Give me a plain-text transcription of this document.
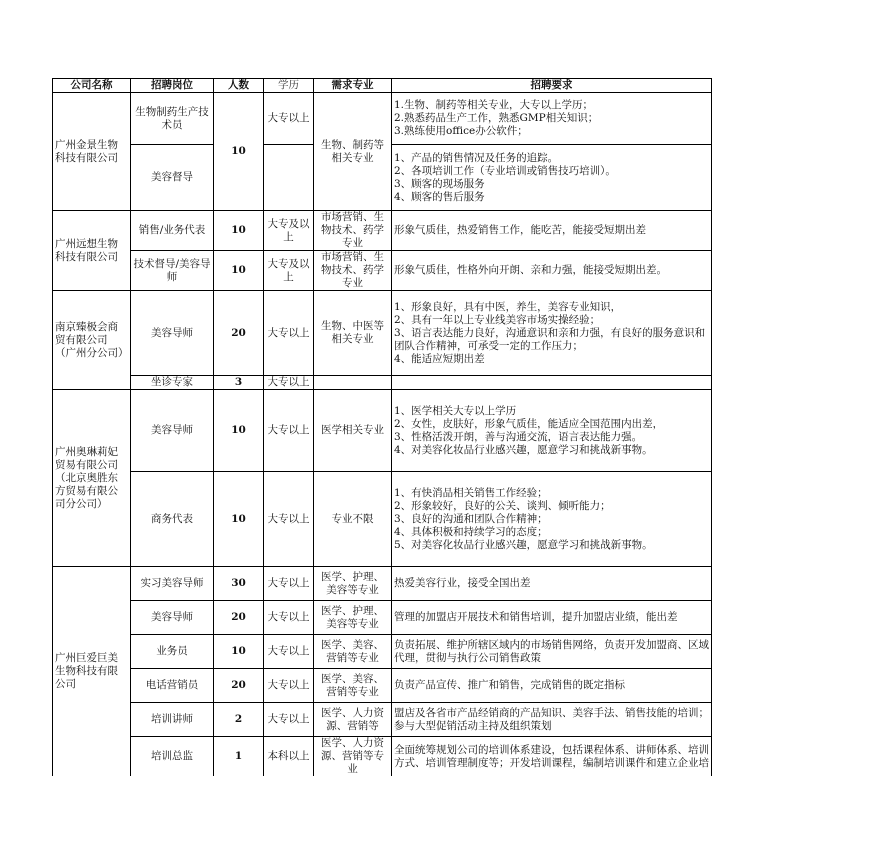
公司名称	招聘岗位	人数	学历	需求专业	招聘要求
广州金景生物科技有限公司	生物制药生产技术员	10	大专以上	生物、制药等相关专业	1.生物、制药等相关专业，大专以上学历；
2.熟悉药品生产工作，熟悉GMP相关知识；
3.熟练使用office办公软件；

	美容督导				1、产品的销售情况及任务的追踪。
2、各项培训工作（专业培训或销售技巧培训）。
3、顾客的现场服务
4、顾客的售后服务

广州远想生物科技有限公司	销售/业务代表	10	大专及以上	市场营销、生物技术、药学专业	形象气质佳，热爱销售工作，能吃苦，能接受短期出差
	技术督导/美容导师	10	大专及以上	市场营销、生物技术、药学专业	形象气质佳，性格外向开朗、亲和力强，能接受短期出差。
南京臻极会商贸有限公司（广州分公司）	美容导师	20	大专以上	生物、中医等相关专业	1、形象良好，具有中医，养生，美容专业知识，
2、具有一年以上专业线美容市场实操经验；
3、语言表达能力良好，沟通意识和亲和力强，有良好的服务意识和团队合作精神，可承受一定的工作压力；
4、能适应短期出差

	坐诊专家	3	大专以上		
广州奥琳莉妃贸易有限公司（北京奥胜东方贸易有限公司分公司）	美容导师	10	大专以上	医学相关专业	1、医学相关大专以上学历
2、女性，皮肤好，形象气质佳，能适应全国范围内出差，
3、性格活泼开朗，善与沟通交流，语言表达能力强。
4、对美容化妆品行业感兴趣，愿意学习和挑战新事物。

	商务代表	10	大专以上	专业不限	1、有快消品相关销售工作经验；
2、形象较好，良好的公关、谈判、倾听能力；
3、良好的沟通和团队合作精神；
4、具体积极和持续学习的态度；
5、对美容化妆品行业感兴趣，愿意学习和挑战新事物。

广州巨爱巨美生物科技有限公司	实习美容导师	30	大专以上	医学、护理、美容等专业	热爱美容行业，接受全国出差
	美容导师	20	大专以上	医学、护理、美容等专业	管理的加盟店开展技术和销售培训，提升加盟店业绩，能出差
	业务员	10	大专以上	医学、美容、营销等专业	负责拓展、维护所辖区域内的市场销售网络，负责开发加盟商、区域代理，贯彻与执行公司销售政策
	电话营销员	20	大专以上	医学、美容、营销等专业	负责产品宣传、推广和销售，完成销售的既定指标
	培训讲师	2	大专以上	医学、人力资源、营销等	盟店及各省市产品经销商的产品知识、美容手法、销售技能的培训；
参与大型促销活动主持及组织策划

	培训总监	1	本科以上	医学、人力资源、营销等专业	全面统筹规划公司的培训体系建设，包括课程体系、讲师体系、培训方式、培训管理制度等；开发培训课程，编制培训课件和建立企业培
